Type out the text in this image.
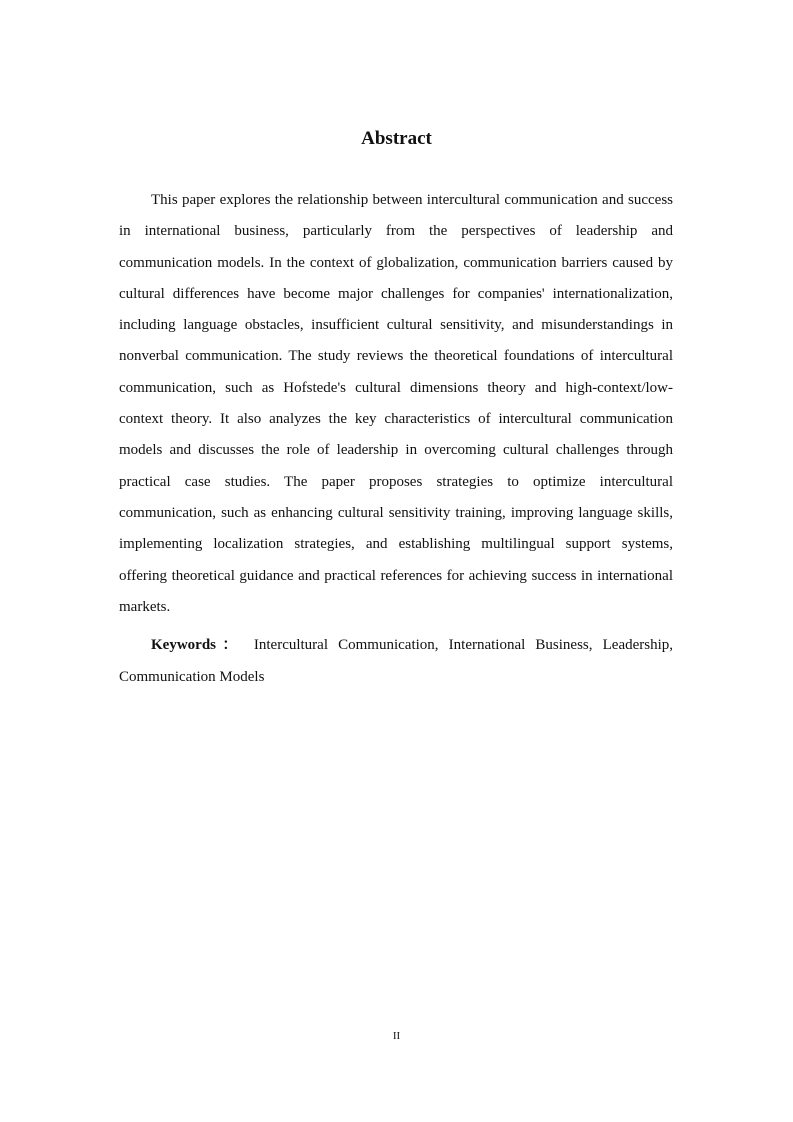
Abstract

This paper explores the relationship between intercultural communication and success in international business, particularly from the perspectives of leadership and communication models. In the context of globalization, communication barriers caused by cultural differences have become major challenges for companies' internationalization, including language obstacles, insufficient cultural sensitivity, and misunderstandings in nonverbal communication. The study reviews the theoretical foundations of intercultural communication, such as Hofstede's cultural dimensions theory and high-context/low-context theory. It also analyzes the key characteristics of intercultural communication models and discusses the role of leadership in overcoming cultural challenges through practical case studies. The paper proposes strategies to optimize intercultural communication, such as enhancing cultural sensitivity training, improving language skills, implementing localization strategies, and establishing multilingual support systems, offering theoretical guidance and practical references for achieving success in international markets.

Keywords： Intercultural Communication, International Business, Leadership, Communication Models

II
